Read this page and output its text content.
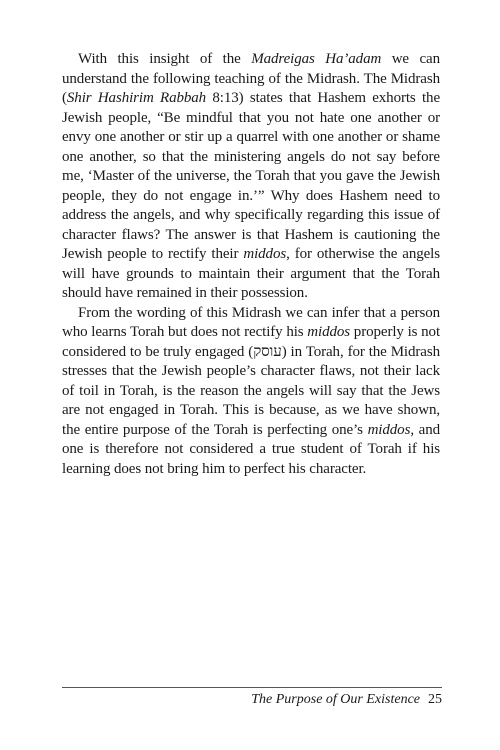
With this insight of the Madreigas Ha’adam we can understand the following teaching of the Midrash. The Midrash (Shir Hashirim Rabbah 8:13) states that Hashem exhorts the Jewish people, “Be mindful that you not hate one another or envy one another or stir up a quarrel with one another or shame one another, so that the ministering angels do not say before me, ‘Master of the universe, the Torah that you gave the Jewish people, they do not engage in.’” Why does Hashem need to address the angels, and why specifically regarding this issue of character flaws? The answer is that Hashem is cautioning the Jewish people to rectify their middos, for otherwise the angels will have grounds to maintain their argument that the Torah should have remained in their possession.

From the wording of this Midrash we can infer that a person who learns Torah but does not rectify his middos properly is not considered to be truly engaged (עוסק) in Torah, for the Midrash stresses that the Jewish people’s character flaws, not their lack of toil in Torah, is the reason the angels will say that the Jews are not engaged in Torah. This is because, as we have shown, the entire purpose of the Torah is perfecting one’s middos, and one is therefore not considered a true student of Torah if his learning does not bring him to perfect his character.

The Purpose of Our Existence 25
